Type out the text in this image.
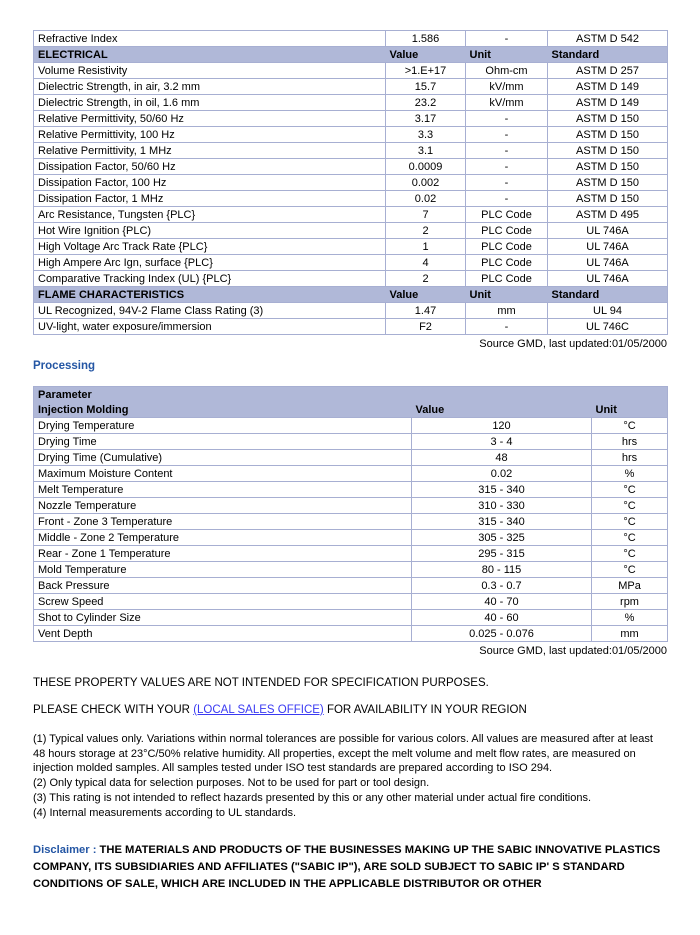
Refractive Index	1.586	-	ASTM D 542
ELECTRICAL	Value	Unit	Standard
Volume Resistivity	>1.E+17	Ohm-cm	ASTM D 257
Dielectric Strength, in air, 3.2 mm	15.7	kV/mm	ASTM D 149
Dielectric Strength, in oil, 1.6 mm	23.2	kV/mm	ASTM D 149
Relative Permittivity, 50/60 Hz	3.17	-	ASTM D 150
Relative Permittivity, 100 Hz	3.3	-	ASTM D 150
Relative Permittivity, 1 MHz	3.1	-	ASTM D 150
Dissipation Factor, 50/60 Hz	0.0009	-	ASTM D 150
Dissipation Factor, 100 Hz	0.002	-	ASTM D 150
Dissipation Factor, 1 MHz	0.02	-	ASTM D 150
Arc Resistance, Tungsten {PLC}	7	PLC Code	ASTM D 495
Hot Wire Ignition {PLC)	2	PLC Code	UL 746A
High Voltage Arc Track Rate {PLC}	1	PLC Code	UL 746A
High Ampere Arc Ign, surface {PLC}	4	PLC Code	UL 746A
Comparative Tracking Index (UL) {PLC}	2	PLC Code	UL 746A
FLAME CHARACTERISTICS	Value	Unit	Standard
UL Recognized, 94V-2 Flame Class Rating (3)	1.47	mm	UL 94
UV-light, water exposure/immersion	F2	-	UL 746C
Source GMD, last updated:01/05/2000
Processing
Parameter		
Injection Molding	Value	Unit
Drying Temperature	120	°C
Drying Time	3 - 4	hrs
Drying Time (Cumulative)	48	hrs
Maximum Moisture Content	0.02	%
Melt Temperature	315 - 340	°C
Nozzle Temperature	310 - 330	°C
Front - Zone 3 Temperature	315 - 340	°C
Middle - Zone 2 Temperature	305 - 325	°C
Rear - Zone 1 Temperature	295 - 315	°C
Mold Temperature	80 - 115	°C
Back Pressure	0.3 - 0.7	MPa
Screw Speed	40 - 70	rpm
Shot to Cylinder Size	40 - 60	%
Vent Depth	0.025 - 0.076	mm
Source GMD, last updated:01/05/2000

THESE PROPERTY VALUES ARE NOT INTENDED FOR SPECIFICATION PURPOSES.

PLEASE CHECK WITH YOUR (LOCAL SALES OFFICE) FOR AVAILABILITY IN YOUR REGION

(1) Typical values only. Variations within normal tolerances are possible for various colors. All values are measured after at least 48 hours storage at 23°C/50% relative humidity. All properties, except the melt volume and melt flow rates, are measured on injection molded samples. All samples tested under ISO test standards are prepared according to ISO 294.

(2) Only typical data for selection purposes. Not to be used for part or tool design.

(3) This rating is not intended to reflect hazards presented by this or any other material under actual fire conditions.

(4) Internal measurements according to UL standards.

Disclaimer : THE MATERIALS AND PRODUCTS OF THE BUSINESSES MAKING UP THE SABIC INNOVATIVE PLASTICS COMPANY, ITS SUBSIDIARIES AND AFFILIATES ("SABIC IP"), ARE SOLD SUBJECT TO SABIC IP' S STANDARD CONDITIONS OF SALE, WHICH ARE INCLUDED IN THE APPLICABLE DISTRIBUTOR OR OTHER
